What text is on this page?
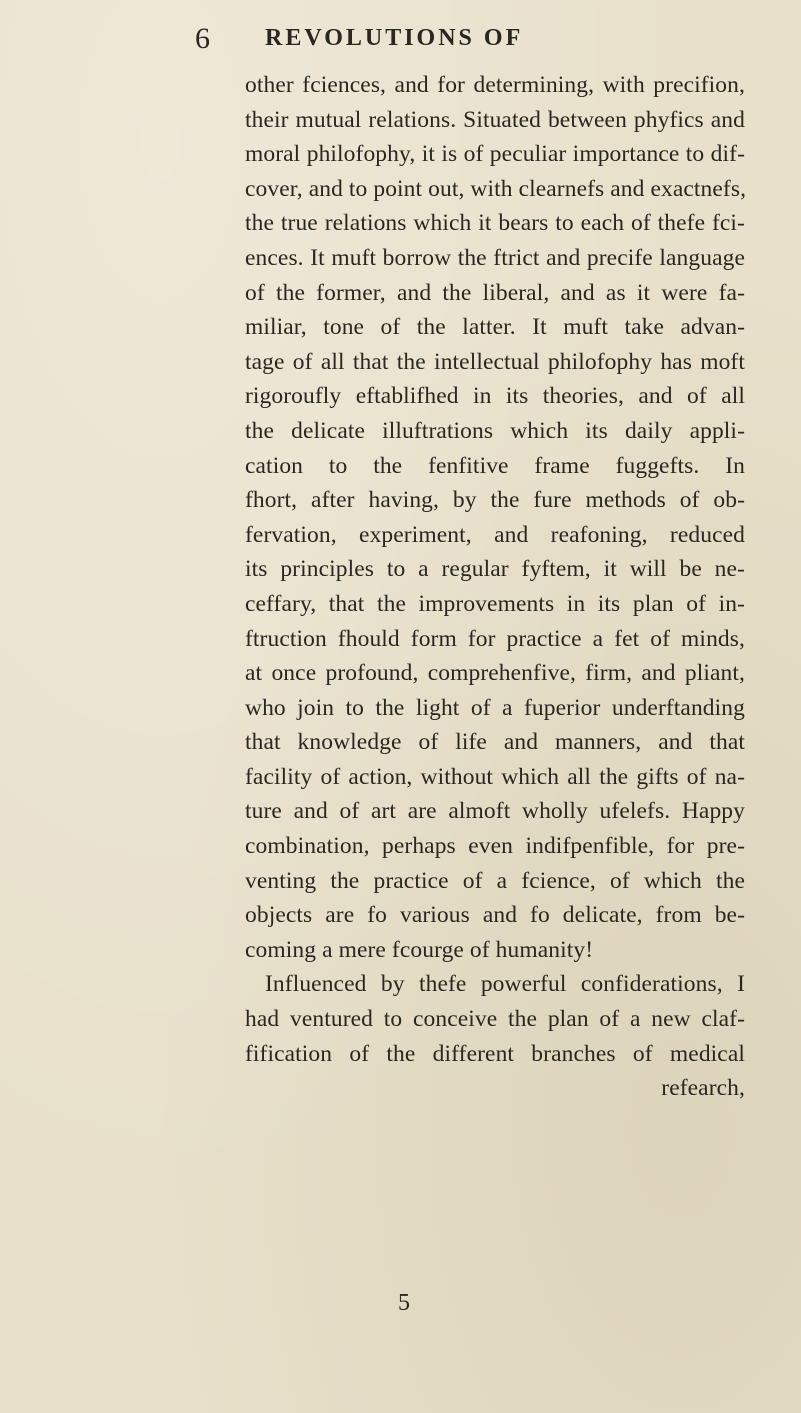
6 REVOLUTIONS OF
other fciences, and for determining, with precifion,
their mutual relations. Situated between phyfics and
moral philofophy, it is of peculiar importance to dif-
cover, and to point out, with clearnefs and exactnefs,
the true relations which it bears to each of thefe fci-
ences. It muft borrow the ftrict and precife language
of the former, and the liberal, and as it were fa-
miliar, tone of the latter. It muft take advan-
tage of all that the intellectual philofophy has moft
rigoroufly eftablifhed in its theories, and of all
the delicate illuftrations which its daily appli-
cation to the fenfitive frame fuggefts. In
fhort, after having, by the fure methods of ob-
fervation, experiment, and reafoning, reduced
its principles to a regular fyftem, it will be ne-
ceffary, that the improvements in its plan of in-
ftruction fhould form for practice a fet of minds,
at once profound, comprehenfive, firm, and pliant,
who join to the light of a fuperior underftanding
that knowledge of life and manners, and that
facility of action, without which all the gifts of na-
ture and of art are almoft wholly ufelefs. Happy
combination, perhaps even indifpenfible, for pre-
venting the practice of a fcience, of which the
objects are fo various and fo delicate, from be-
coming a mere fcourge of humanity!
Influenced by thefe powerful confiderations, I
had ventured to conceive the plan of a new claf-
fification of the different branches of medical
refearch,
5
